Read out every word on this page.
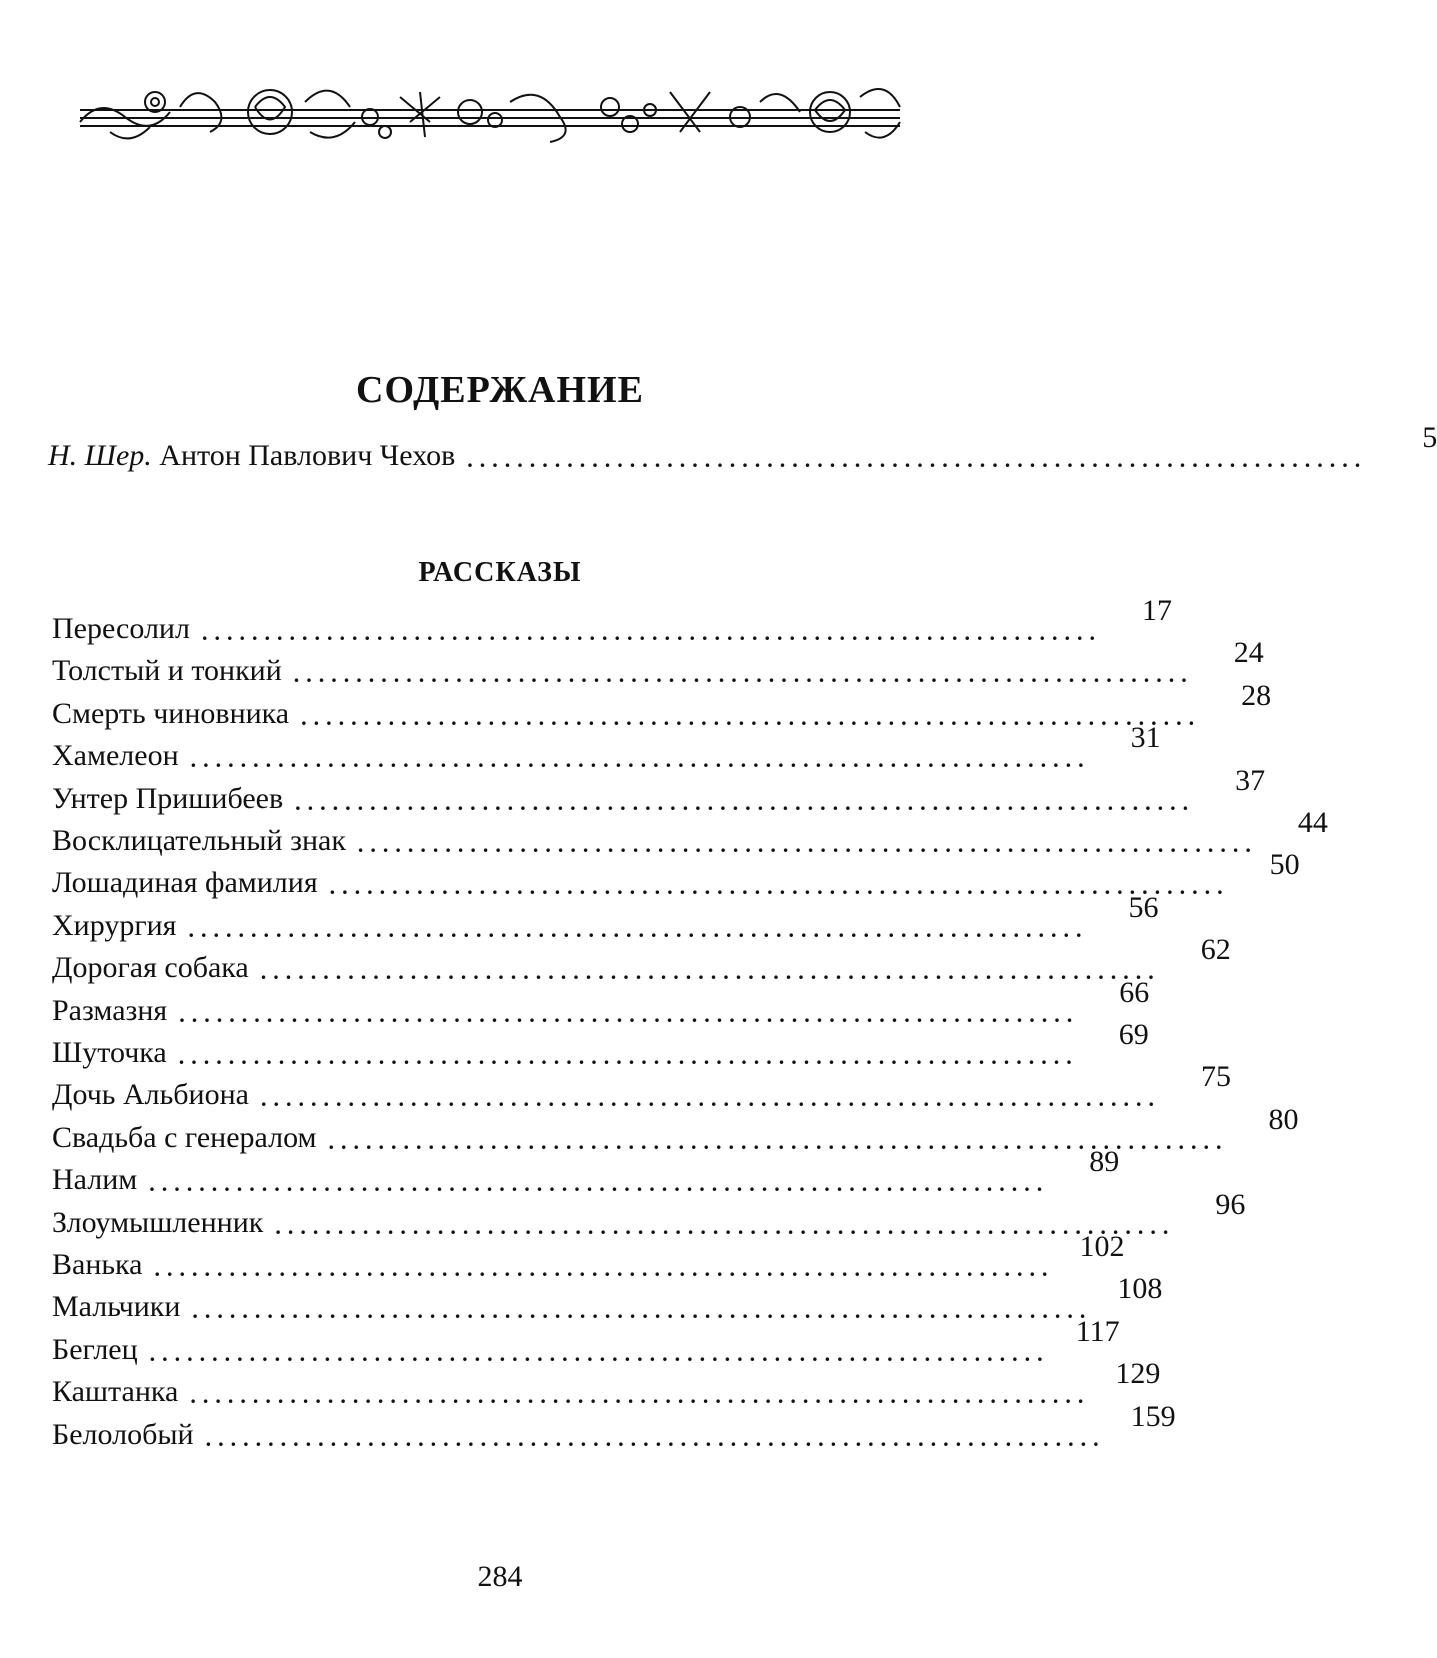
СОДЕРЖАНИЕ
Н. Шер. Антон Павлович Чехов ........................................................................
5
РАССКАЗЫ
Пересолил ........................................................................
17
Толстый и тонкий ........................................................................
24
Смерть чиновника ........................................................................
28
Хамелеон ........................................................................
31
Унтер Пришибеев ........................................................................
37
Восклицательный знак ........................................................................
44
Лошадиная фамилия ........................................................................
50
Хирургия ........................................................................
56
Дорогая собака ........................................................................
62
Размазня ........................................................................
66
Шуточка ........................................................................
69
Дочь Альбиона ........................................................................
75
Свадьба с генералом ........................................................................
80
Налим ........................................................................
89
Злоумышленник ........................................................................
96
Ванька ........................................................................
102
Мальчики ........................................................................
108
Беглец ........................................................................
117
Каштанка ........................................................................
129
Белолобый ........................................................................
159
284
